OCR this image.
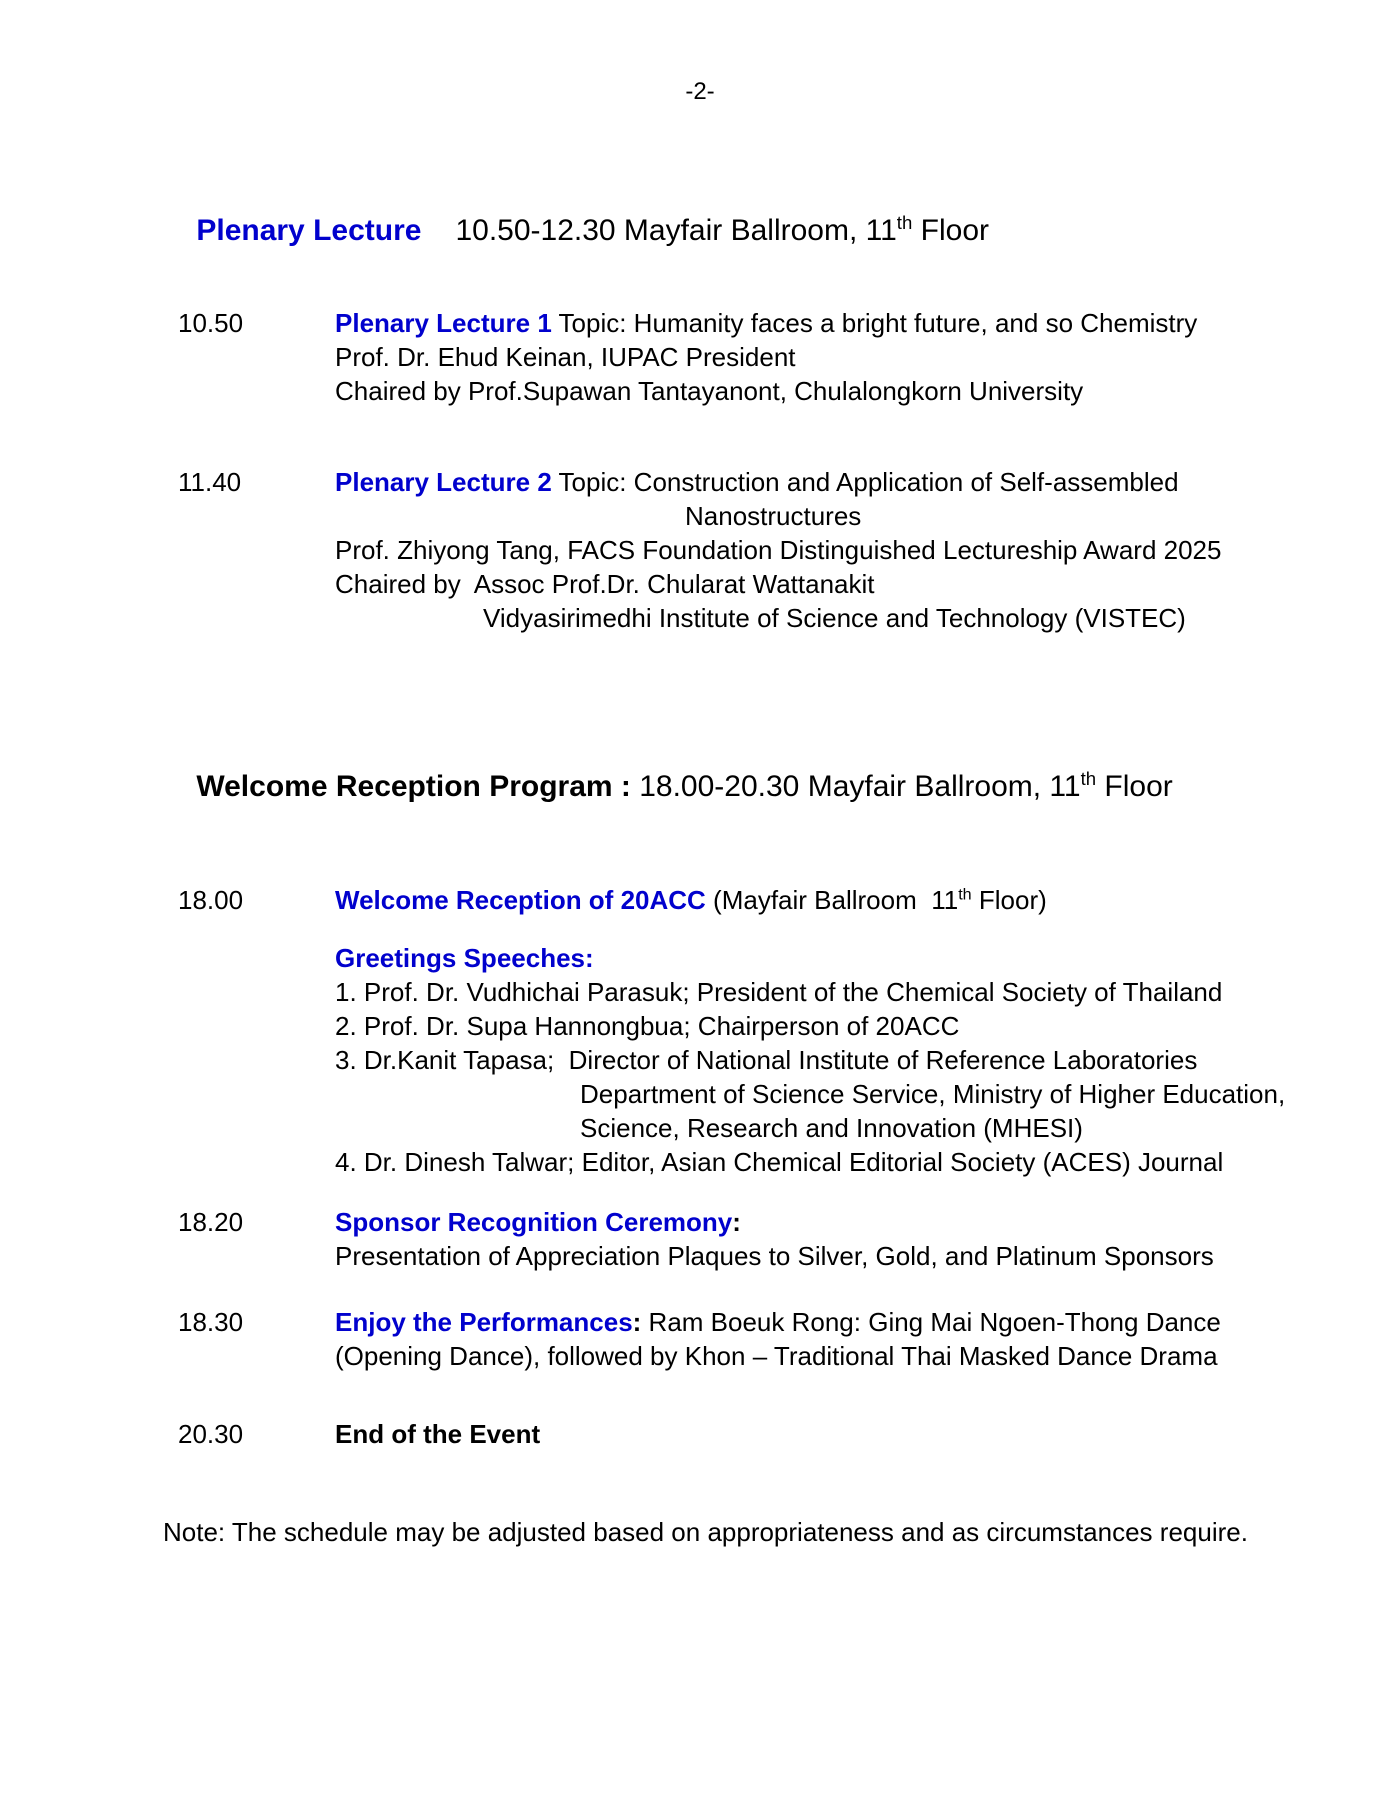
-2-

Plenary Lecture 10.50-12.30 Mayfair Ballroom, 11th Floor

10.50	Plenary Lecture 1 Topic: Humanity faces a bright future, and so Chemistry
Prof. Dr. Ehud Keinan, IUPAC President
Chaired by Prof.Supawan Tantayanont, Chulalongkorn University
11.40	Plenary Lecture 2 Topic: Construction and Application of Self-assembled
Nanostructures
Prof. Zhiyong Tang, FACS Foundation Distinguished Lectureship Award 2025
Chaired by  Assoc Prof.Dr. Chularat Wattanakit
Vidyasirimedhi Institute of Science and Technology (VISTEC)

Welcome Reception Program : 18.00-20.30 Mayfair Ballroom, 11th Floor

18.00	Welcome Reception of 20ACC (Mayfair Ballroom  11th Floor)
Greetings Speeches:
1. Prof. Dr. Vudhichai Parasuk; President of the Chemical Society of Thailand
2. Prof. Dr. Supa Hannongbua; Chairperson of 20ACC
3. Dr.Kanit Tapasa;  Director of National Institute of Reference Laboratories
Department of Science Service, Ministry of Higher Education,
Science, Research and Innovation (MHESI)
4. Dr. Dinesh Talwar; Editor, Asian Chemical Editorial Society (ACES) Journal
18.20	Sponsor Recognition Ceremony:
Presentation of Appreciation Plaques to Silver, Gold, and Platinum Sponsors
18.30	Enjoy the Performances: Ram Boeuk Rong: Ging Mai Ngoen-Thong Dance
(Opening Dance), followed by Khon – Traditional Thai Masked Dance Drama
20.30	End of the Event
Note: The schedule may be adjusted based on appropriateness and as circumstances require.
